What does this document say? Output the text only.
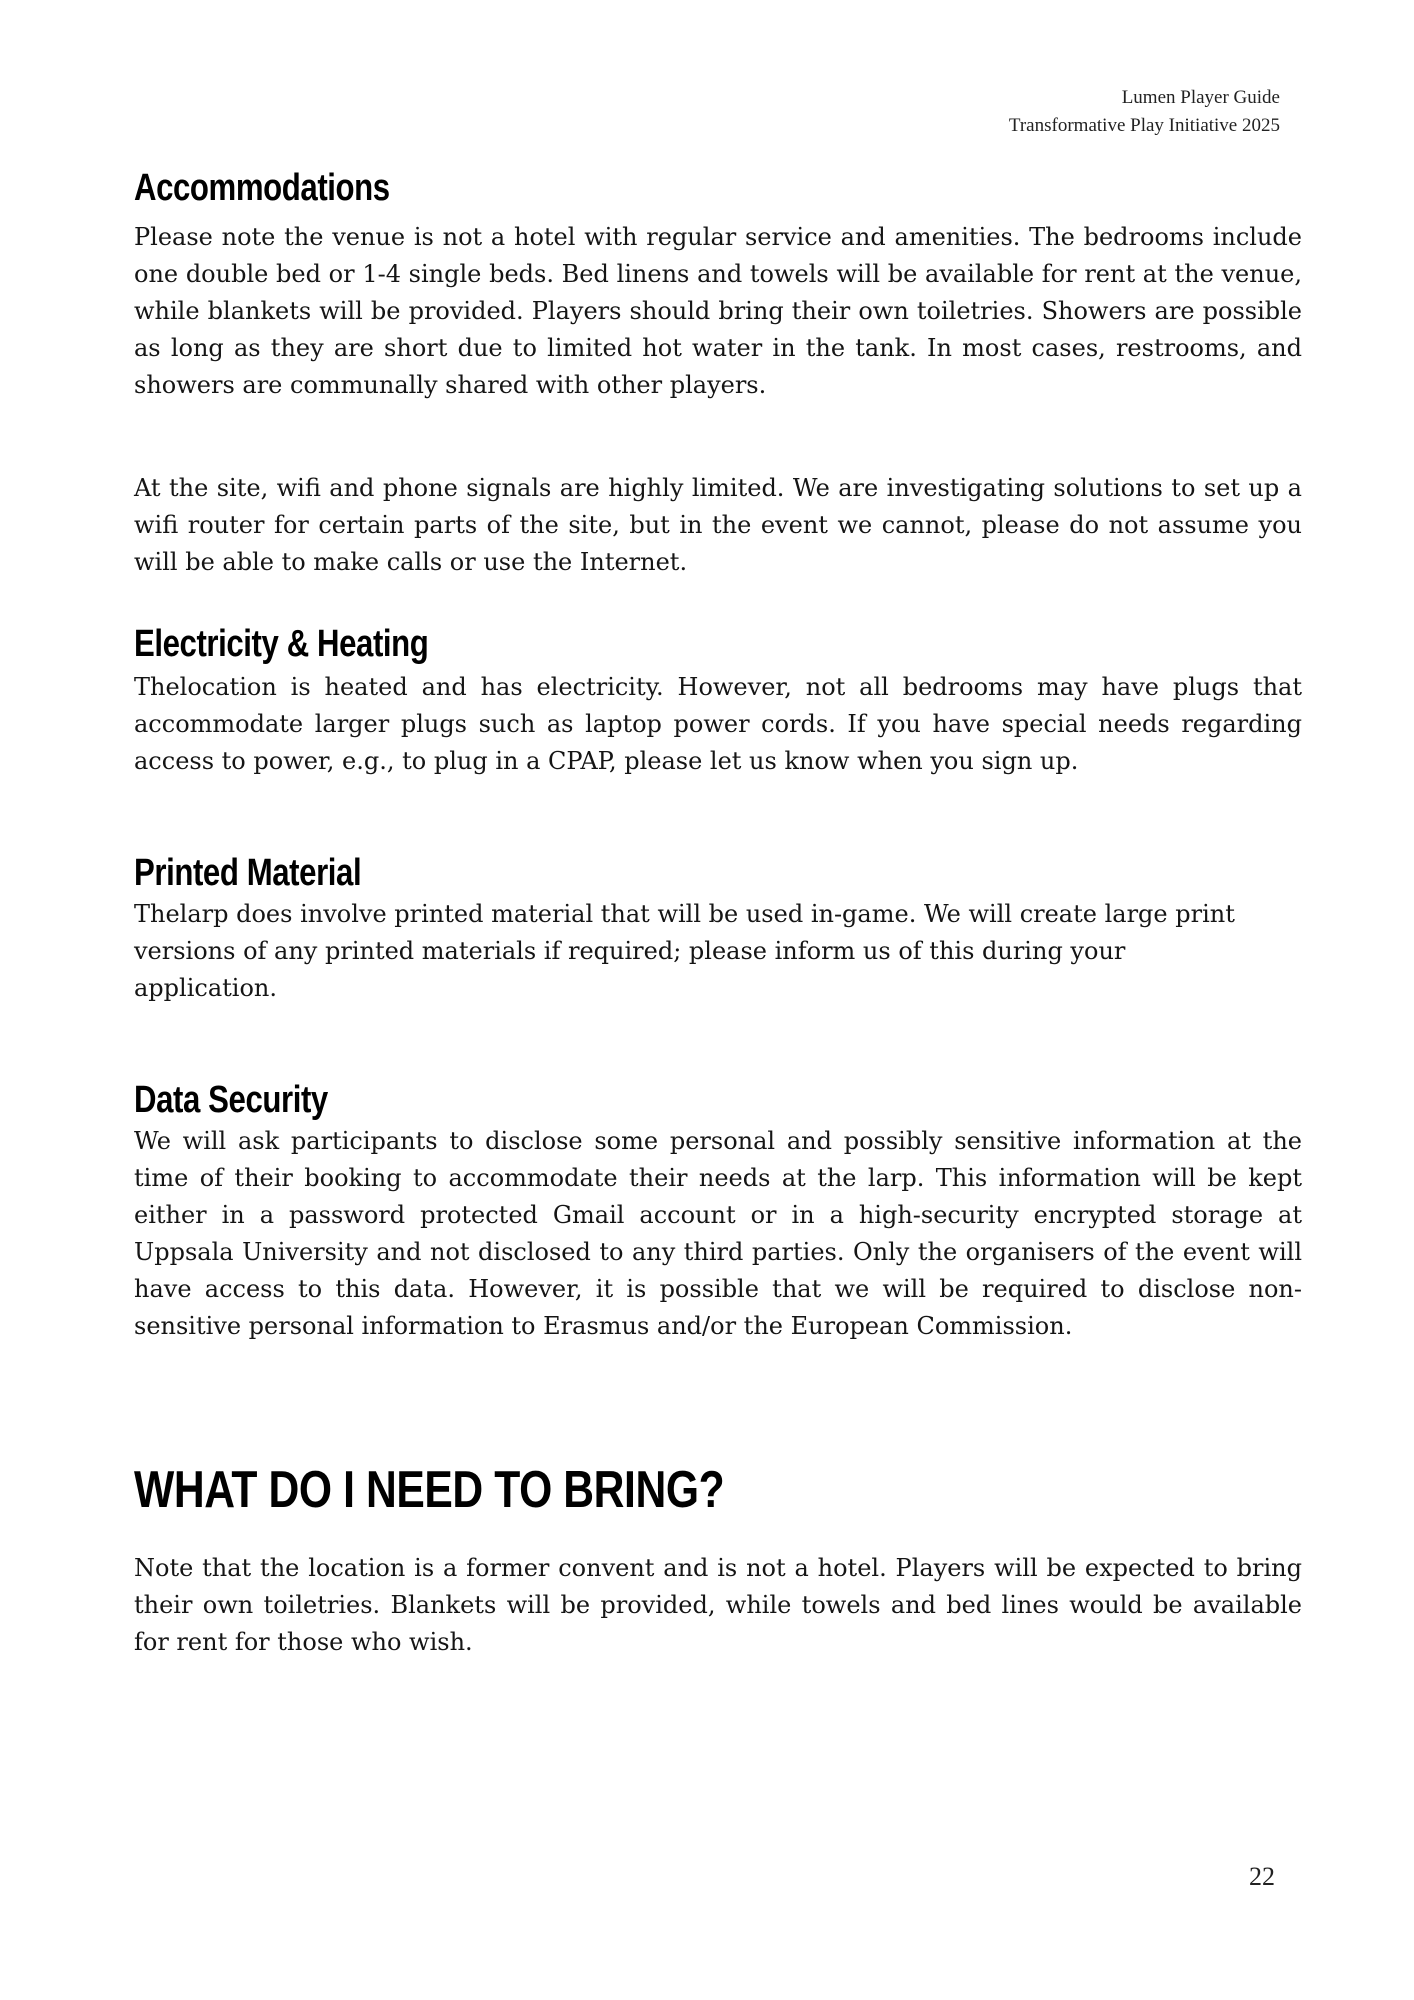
Lumen Player Guide
Transformative Play Initiative 2025
Accommodations

Please note the venue is not a hotel with regular service and amenities. The bedrooms include one double bed or 1-4 single beds. Bed linens and towels will be available for rent at the venue, while blankets will be provided. Players should bring their own toiletries. Showers are possible as long as they are short due to limited hot water in the tank. In most cases, restrooms, and showers are communally shared with other players.

At the site, wifi and phone signals are highly limited. We are investigating solutions to set up a wifi router for certain parts of the site, but in the event we cannot, please do not assume you will be able to make calls or use the Internet.

Electricity & Heating

Thelocation is heated and has electricity. However, not all bedrooms may have plugs that accommodate larger plugs such as laptop power cords. If you have special needs regarding access to power, e.g., to plug in a CPAP, please let us know when you sign up.

Printed Material

Thelarp does involve printed material that will be used in-game. We will create large print versions of any printed materials if required; please inform us of this during your application.

Data Security

We will ask participants to disclose some personal and possibly sensitive information at the time of their booking to accommodate their needs at the larp. This information will be kept either in a password protected Gmail account or in a high-security encrypted storage at Uppsala University and not disclosed to any third parties. Only the organisers of the event will have access to this data. However, it is possible that we will be required to disclose non-sensitive personal information to Erasmus and/or the European Commission.

WHAT DO I NEED TO BRING?

Note that the location is a former convent and is not a hotel. Players will be expected to bring their own toiletries. Blankets will be provided, while towels and bed lines would be available for rent for those who wish.

22
